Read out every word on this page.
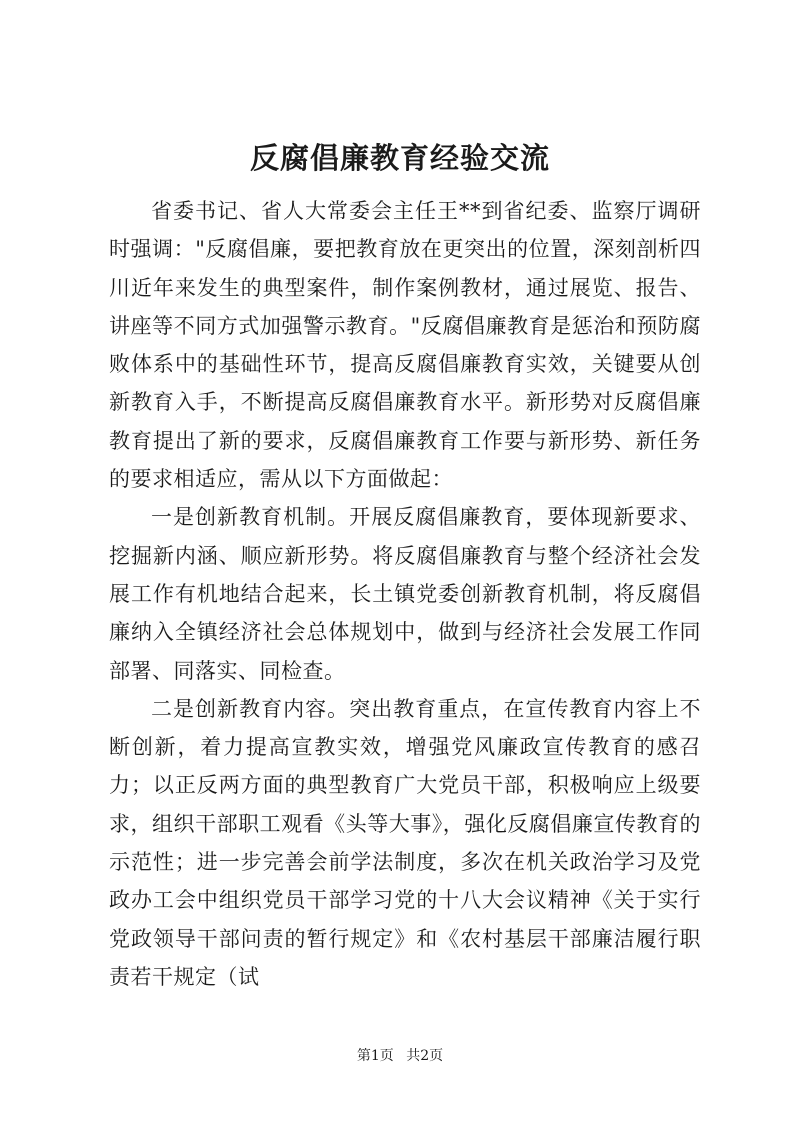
反腐倡廉教育经验交流

省委书记、省人大常委会主任王**到省纪委、监察厅调研时强调："反腐倡廉，要把教育放在更突出的位置，深刻剖析四川近年来发生的典型案件，制作案例教材，通过展览、报告、讲座等不同方式加强警示教育。"反腐倡廉教育是惩治和预防腐败体系中的基础性环节，提高反腐倡廉教育实效，关键要从创新教育入手，不断提高反腐倡廉教育水平。新形势对反腐倡廉教育提出了新的要求，反腐倡廉教育工作要与新形势、新任务的要求相适应，需从以下方面做起：

一是创新教育机制。开展反腐倡廉教育，要体现新要求、挖掘新内涵、顺应新形势。将反腐倡廉教育与整个经济社会发展工作有机地结合起来，长土镇党委创新教育机制，将反腐倡廉纳入全镇经济社会总体规划中，做到与经济社会发展工作同部署、同落实、同检查。

二是创新教育内容。突出教育重点，在宣传教育内容上不断创新，着力提高宣教实效，增强党风廉政宣传教育的感召力；以正反两方面的典型教育广大党员干部，积极响应上级要求，组织干部职工观看《头等大事》，强化反腐倡廉宣传教育的示范性；进一步完善会前学法制度，多次在机关政治学习及党政办工会中组织党员干部学习党的十八大会议精神《关于实行党政领导干部问责的暂行规定》和《农村基层干部廉洁履行职责若干规定（试

第1页 共2页
